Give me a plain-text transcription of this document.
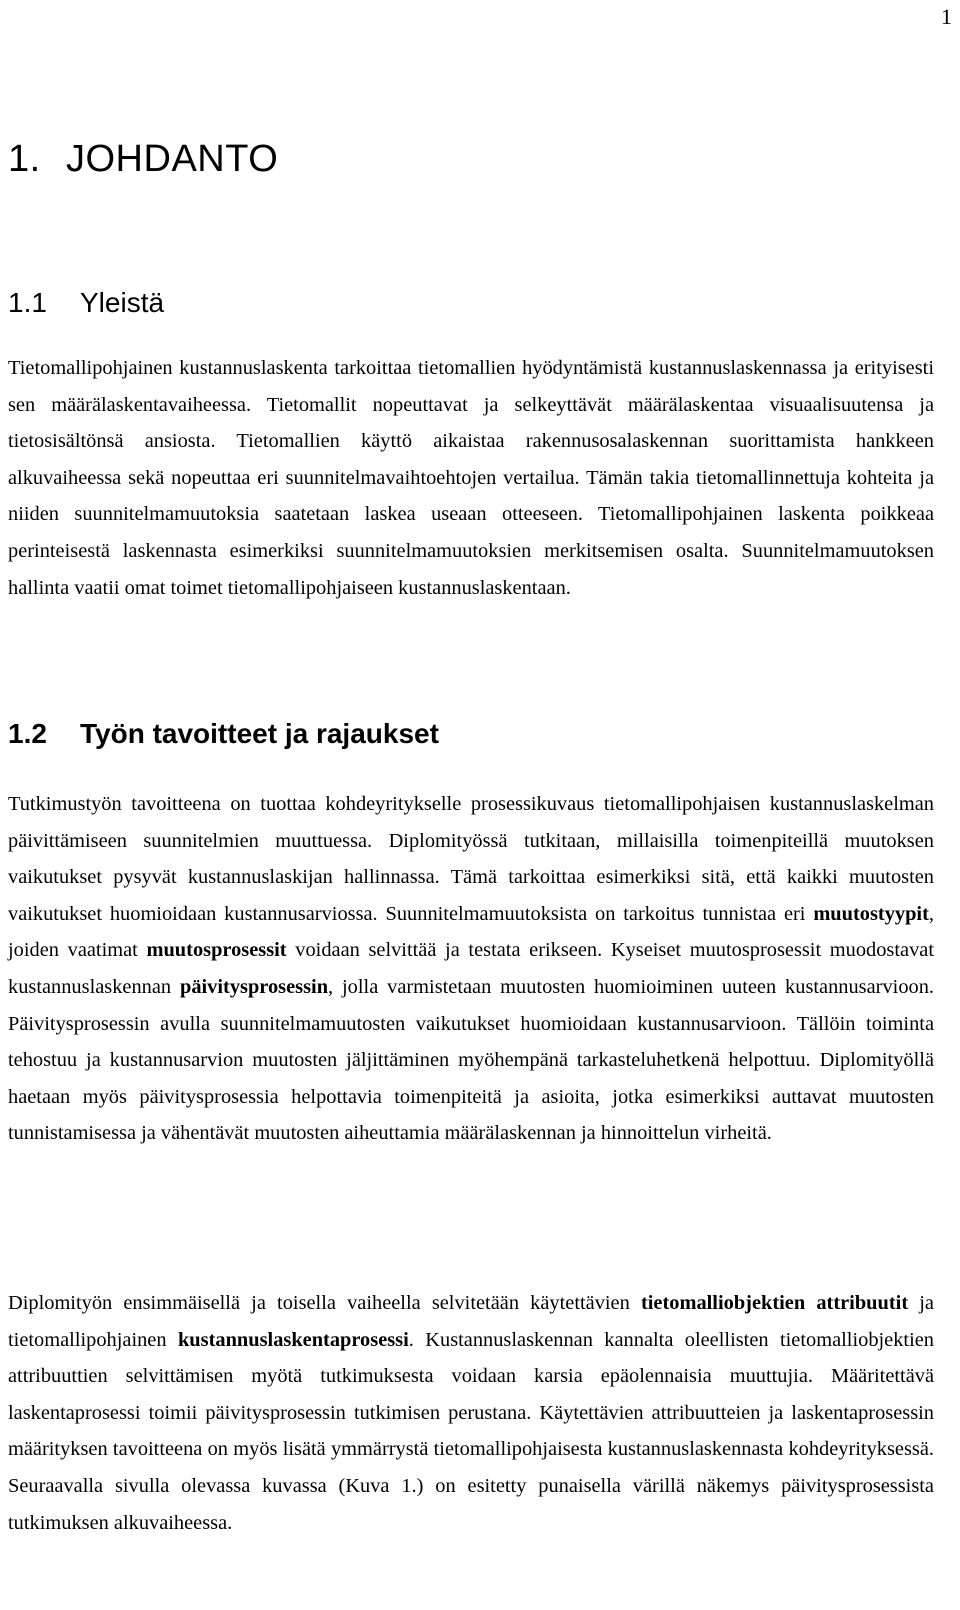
1
1. JOHDANTO
1.1 Yleistä

Tietomallipohjainen kustannuslaskenta tarkoittaa tietomallien hyödyntämistä kustannuslaskennassa ja erityisesti sen määrälaskentavaiheessa. Tietomallit nopeuttavat ja selkeyttävät määrälaskentaa visuaalisuutensa ja tietosisältönsä ansiosta. Tietomallien käyttö aikaistaa rakennusosalaskennan suorittamista hankkeen alkuvaiheessa sekä nopeuttaa eri suunnitelmavaihtoehtojen vertailua. Tämän takia tietomallinnettuja kohteita ja niiden suunnitelmamuutoksia saatetaan laskea useaan otteeseen. Tietomallipohjainen laskenta poikkeaa perinteisestä laskennasta esimerkiksi suunnitelmamuutoksien merkitsemisen osalta. Suunnitelmamuutoksen hallinta vaatii omat toimet tietomallipohjaiseen kustannuslaskentaan.

1.2 Työn tavoitteet ja rajaukset

Tutkimustyön tavoitteena on tuottaa kohdeyritykselle prosessikuvaus tietomallipohjaisen kustannuslaskelman päivittämiseen suunnitelmien muuttuessa. Diplomityössä tutkitaan, millaisilla toimenpiteillä muutoksen vaikutukset pysyvät kustannuslaskijan hallinnassa. Tämä tarkoittaa esimerkiksi sitä, että kaikki muutosten vaikutukset huomioidaan kustannusarviossa. Suunnitelmamuutoksista on tarkoitus tunnistaa eri muutostyypit, joiden vaatimat muutosprosessit voidaan selvittää ja testata erikseen. Kyseiset muutosprosessit muodostavat kustannuslaskennan päivitysprosessin, jolla varmistetaan muutosten huomioiminen uuteen kustannusarvioon. Päivitysprosessin avulla suunnitelmamuutosten vaikutukset huomioidaan kustannusarvioon. Tällöin toiminta tehostuu ja kustannusarvion muutosten jäljittäminen myöhempänä tarkasteluhetkenä helpottuu. Diplomityöllä haetaan myös päivitysprosessia helpottavia toimenpiteitä ja asioita, jotka esimerkiksi auttavat muutosten tunnistamisessa ja vähentävät muutosten aiheuttamia määrälaskennan ja hinnoittelun virheitä.

Diplomityön ensimmäisellä ja toisella vaiheella selvitetään käytettävien tietomalliobjektien attribuutit ja tietomallipohjainen kustannuslaskentaprosessi. Kustannuslaskennan kannalta oleellisten tietomalliobjektien attribuuttien selvittämisen myötä tutkimuksesta voidaan karsia epäolennaisia muuttujia. Määritettävä laskentaprosessi toimii päivitysprosessin tutkimisen perustana. Käytettävien attribuutteien ja laskentaprosessin määrityksen tavoitteena on myös lisätä ymmärrystä tietomallipohjaisesta kustannuslaskennasta kohdeyrityksessä. Seuraavalla sivulla olevassa kuvassa (Kuva 1.) on esitetty punaisella värillä näkemys päivitysprosessista tutkimuksen alkuvaiheessa.
